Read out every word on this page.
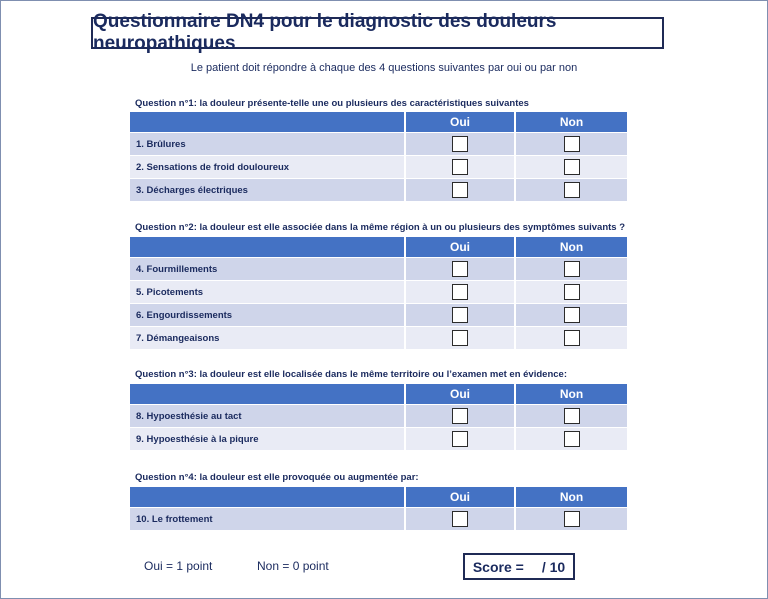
Questionnaire DN4 pour le diagnostic des douleurs neuropathiques
Le patient doit répondre à chaque des 4 questions suivantes par oui ou par non
Question n°1: la douleur présente-telle une ou plusieurs des caractéristiques suivantes
	Oui	Non
1. Brûlures		
2. Sensations de froid douloureux		
3. Décharges électriques		
Question n°2: la douleur est elle associée dans la même région à un ou plusieurs des symptômes suivants ?
	Oui	Non
4. Fourmillements		
5. Picotements		
6. Engourdissements		
7. Démangeaisons		
Question n°3: la douleur est elle localisée dans le même territoire ou l’examen met en évidence:
	Oui	Non
8. Hypoesthésie au tact		
9. Hypoesthésie à la piqure		
Question n°4: la douleur est elle provoquée ou augmentée par:
	Oui	Non
10. Le frottement		
Oui = 1 point	Non = 0 point	Score = / 10
